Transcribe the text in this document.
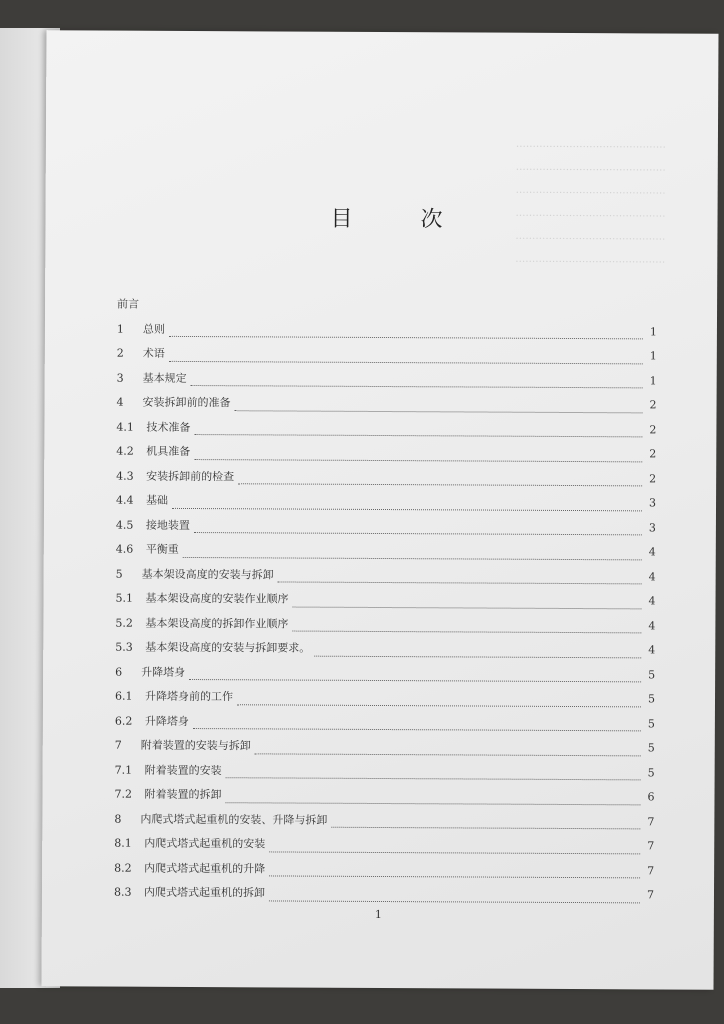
………………………………………
………………………………………
………………………………………
………………………………………
………………………………………
………………………………………
目	次
前言
1	总则	1
2	术语	1
3	基本规定	1
4	安装拆卸前的准备	2
4.1	技术准备	2
4.2	机具准备	2
4.3	安装拆卸前的检查	2
4.4	基础	3
4.5	接地装置	3
4.6	平衡重	4
5	基本架设高度的安装与拆卸	4
5.1	基本架设高度的安装作业顺序	4
5.2	基本架设高度的拆卸作业顺序	4
5.3	基本架设高度的安装与拆卸要求。	4
6	升降塔身	5
6.1	升降塔身前的工作	5
6.2	升降塔身	5
7	附着装置的安装与拆卸	5
7.1	附着装置的安装	5
7.2	附着装置的拆卸	6
8	内爬式塔式起重机的安装、升降与拆卸	7
8.1	内爬式塔式起重机的安装	7
8.2	内爬式塔式起重机的升降	7
8.3	内爬式塔式起重机的拆卸	7
1
